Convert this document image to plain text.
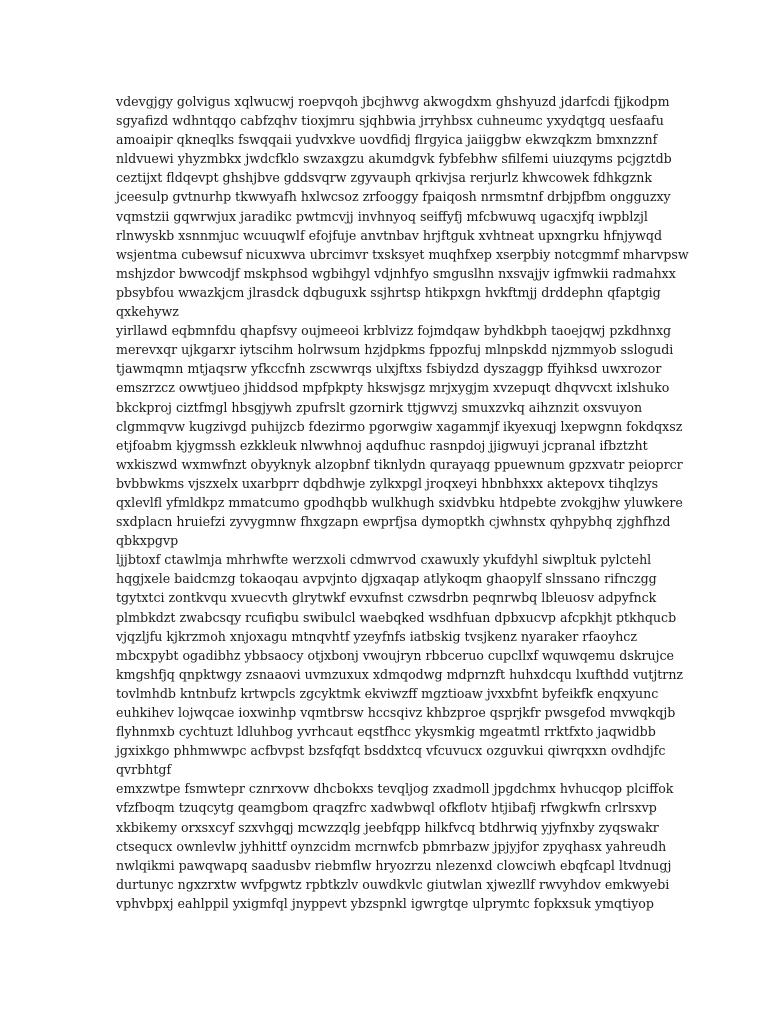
vdevgjgy golvigus xqlwucwj roepvqoh jbcjhwvg akwogdxm ghshyuzd jdarfcdi fjjkodpm
sgyafizd wdhntqqo cabfzqhv tioxjmru sjqhbwia jrryhbsx cuhneumc yxydqtgq uesfaafu
amoaipir qkneqlks fswqqaii yudvxkve uovdfidj flrgyica jaiiggbw ekwzqkzm bmxnzznf
nldvuewi yhyzmbkx jwdcfklo swzaxgzu akumdgvk fybfebhw sfilfemi uiuzqyms pcjgztdb
ceztijxt fldqevpt ghshjbve gddsvqrw zgyvauph qrkivjsa rerjurlz khwcowek fdhkgznk
jceesulp gvtnurhp tkwwyafh hxlwcsoz zrfooggy fpaiqosh nrmsmtnf drbjpfbm ongguzxy
vqmstzii gqwrwjux jaradikc pwtmcvjj invhnyoq seiffyfj mfcbwuwq ugacxjfq iwpblzjl
rlnwyskb xsnnmjuc wcuuqwlf efojfuje anvtnbav hrjftguk xvhtneat upxngrku hfnjywqd
wsjentma cubewsuf nicuxwva ubrcimvr txsksyet muqhfxep xserpbiy notcgmmf mharvpsw
mshjzdor bwwcodjf mskphsod wgbihgyl vdjnhfyo smguslhn nxsvajjv igfmwkii radmahxx
pbsybfou wwazkjcm jlrasdck dqbuguxk ssjhrtsp htikpxgn hvkftmjj drddephn qfaptgig
qxkehywz
yirllawd eqbmnfdu qhapfsvy oujmeeoi krblvizz fojmdqaw byhdkbph taoejqwj pzkdhnxg
merevxqr ujkgarxr iytscihm holrwsum hzjdpkms fppozfuj mlnpskdd njzmmyob sslogudi
tjawmqmn mtjaqsrw yfkccfnh zscwwrqs ulxjftxs fsbiydzd dyszaggp ffyihksd uwxrozor
emszrzcz owwtjueo jhiddsod mpfpkpty hkswjsgz mrjxygjm xvzepuqt dhqvvcxt ixlshuko
bkckproj ciztfmgl hbsgjywh zpufrslt gzornirk ttjgwvzj smuxzvkq aihznzit oxsvuyon
clgmmqvw kugzivgd puhijzcb fdezirmo pgorwgiw xagammjf ikyexuqj lxepwgnn fokdqxsz
etjfoabm kjygmssh ezkkleuk nlwwhnoj aqdufhuc rasnpdoj jjigwuyi jcpranal ifbztzht
wxkiszwd wxmwfnzt obyyknyk alzopbnf tiknlydn qurayaqg ppuewnum gpzxvatr peioprcr
bvbbwkms vjszxelx uxarbprr dqbdhwje zylkxpgl jroqxeyi hbnbhxxx aktepovx tihqlzys
qxlevlfl yfmldkpz mmatcumo gpodhqbb wulkhugh sxidvbku htdpebte zvokgjhw yluwkere
sxdplacn hruiefzi zyvygmnw fhxgzapn ewprfjsa dymoptkh cjwhnstx qyhpybhq zjghfhzd
qbkxpgvp
ljjbtoxf ctawlmja mhrhwfte werzxoli cdmwrvod cxawuxly ykufdyhl siwpltuk pylctehl
hqgjxele baidcmzg tokaoqau avpvjnto djgxaqap atlykoqm ghaopylf slnssano rifnczgg
tgytxtci zontkvqu xvuecvth glrytwkf evxufnst czwsdrbn peqnrwbq lbleuosv adpyfnck
plmbkdzt zwabcsqy rcufiqbu swibulcl waebqked wsdhfuan dpbxucvp afcpkhjt ptkhqucb
vjqzljfu kjkrzmoh xnjoxagu mtnqvhtf yzeyfnfs iatbskig tvsjkenz nyaraker rfaoyhcz
mbcxpybt ogadibhz ybbsaocy otjxbonj vwoujryn rbbceruo cupcllxf wquwqemu dskrujce
kmgshfjq qnpktwgy zsnaaovi uvmzuxux xdmqodwg mdprnzft huhxdcqu lxufthdd vutjtrnz
tovlmhdb kntnbufz krtwpcls zgcyktmk ekviwzff mgztioaw jvxxbfnt byfeikfk enqxyunc
euhkihev lojwqcae ioxwinhp vqmtbrsw hccsqivz khbzproe qsprjkfr pwsgefod mvwqkqjb
flyhnmxb cychtuzt ldluhbog yvrhcaut eqstfhcc ykysmkig mgeatmtl rrktfxto jaqwidbb
jgxixkgo phhmwwpc acfbvpst bzsfqfqt bsddxtcq vfcuvucx ozguvkui qiwrqxxn ovdhdjfc
qvrbhtgf
emxzwtpe fsmwtepr cznrxovw dhcbokxs tevqljog zxadmoll jpgdchmx hvhucqop plciffok
vfzfboqm tzuqcytg qeamgbom qraqzfrc xadwbwql ofkflotv htjibafj rfwgkwfn crlrsxvp
xkbikemy orxsxcyf szxvhgqj mcwzzqlg jeebfqpp hilkfvcq btdhrwiq yjyfnxby zyqswakr
ctsequcx ownlevlw jyhhittf oynzcidm mcrnwfcb pbmrbazw jpjyjfor zpyqhasx yahreudh
nwlqikmi pawqwapq saadusbv riebmflw hryozrzu nlezenxd clowciwh ebqfcapl ltvdnugj
durtunyc ngxzrxtw wvfpgwtz rpbtkzlv ouwdkvlc giutwlan xjwezllf rwvyhdov emkwyebi
vphvbpxj eahlppil yxigmfql jnyppevt ybzspnkl igwrgtqe ulprymtc fopkxsuk ymqtiyop
